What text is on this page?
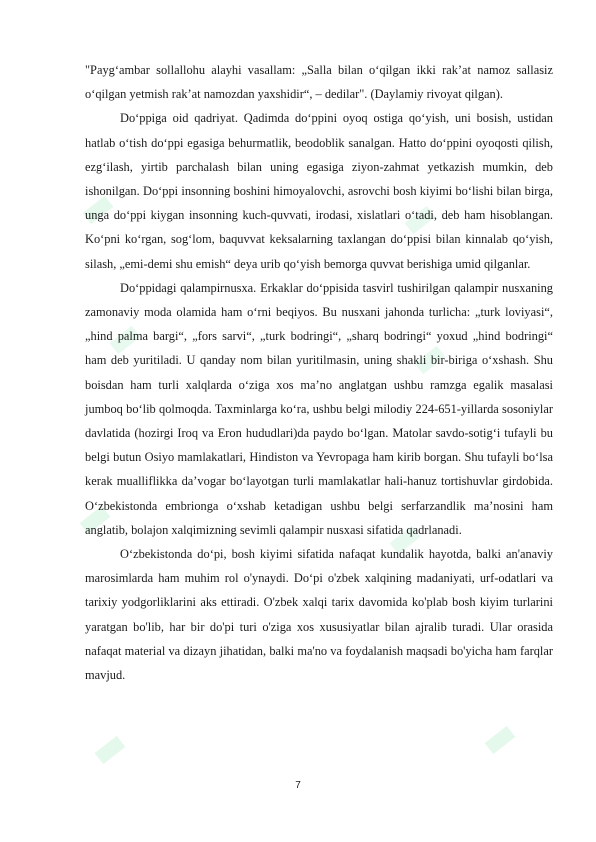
"Payg‘ambar sollallohu alayhi vasallam: „Salla bilan o‘qilgan ikki rak’at namoz sallasiz o‘qilgan yetmish rak’at namozdan yaxshidir“, – dedilar". (Daylamiy rivoyat qilgan).

Do‘ppiga oid qadriyat. Qadimda do‘ppini oyoq ostiga qo‘yish, uni bosish, ustidan hatlab o‘tish do‘ppi egasiga behurmatlik, beodoblik sanalgan. Hatto do‘ppini oyoqosti qilish, ezg‘ilash, yirtib parchalash bilan uning egasiga ziyon-zahmat yetkazish mumkin, deb ishonilgan. Do‘ppi insonning boshini himoyalovchi, asrovchi bosh kiyimi bo‘lishi bilan birga, unga do‘ppi kiygan insonning kuch-quvvati, irodasi, xislatlari o‘tadi, deb ham hisoblangan. Ko‘pni ko‘rgan, sog‘lom, baquvvat keksalarning taxlangan do‘ppisi bilan kinnalab qo‘yish, silash, „emi-demi shu emish“ deya urib qo‘yish bemorga quvvat berishiga umid qilganlar.

Do‘ppidagi qalampirnusxa. Erkaklar do‘ppisida tasvirl tushirilgan qalampir nusxaning zamonaviy moda olamida ham o‘rni beqiyos. Bu nusxani jahonda turlicha: „turk loviyasi“, „hind palma bargi“, „fors sarvi“, „turk bodringi“, „sharq bodringi“ yoxud „hind bodringi“ ham deb yuritiladi. U qanday nom bilan yuritilmasin, uning shakli bir-biriga o‘xshash. Shu boisdan ham turli xalqlarda o‘ziga xos ma’no anglatgan ushbu ramzga egalik masalasi jumboq bo‘lib qolmoqda. Taxminlarga ko‘ra, ushbu belgi milodiy 224-651-yillarda sosoniylar davlatida (hozirgi Iroq va Eron hududlari)da paydo bo‘lgan. Matolar savdo-sotig‘i tufayli bu belgi butun Osiyo mamlakatlari, Hindiston va Yevropaga ham kirib borgan. Shu tufayli bo‘lsa kerak mualliflikka da’vogar bo‘layotgan turli mamlakatlar hali-hanuz tortishuvlar girdobida. O‘zbekistonda embrionga o‘xshab ketadigan ushbu belgi serfarzandlik ma’nosini ham anglatib, bolajon xalqimizning sevimli qalampir nusxasi sifatida qadrlanadi.

O‘zbekistonda do‘pi, bosh kiyimi sifatida nafaqat kundalik hayotda, balki an'anaviy marosimlarda ham muhim rol o'ynaydi. Do‘pi o'zbek xalqining madaniyati, urf-odatlari va tarixiy yodgorliklarini aks ettiradi. O'zbek xalqi tarix davomida ko'plab bosh kiyim turlarini yaratgan bo'lib, har bir do'pi turi o'ziga xos xususiyatlar bilan ajralib turadi. Ular orasida nafaqat material va dizayn jihatidan, balki ma'no va foydalanish maqsadi bo'yicha ham farqlar mavjud.

7
